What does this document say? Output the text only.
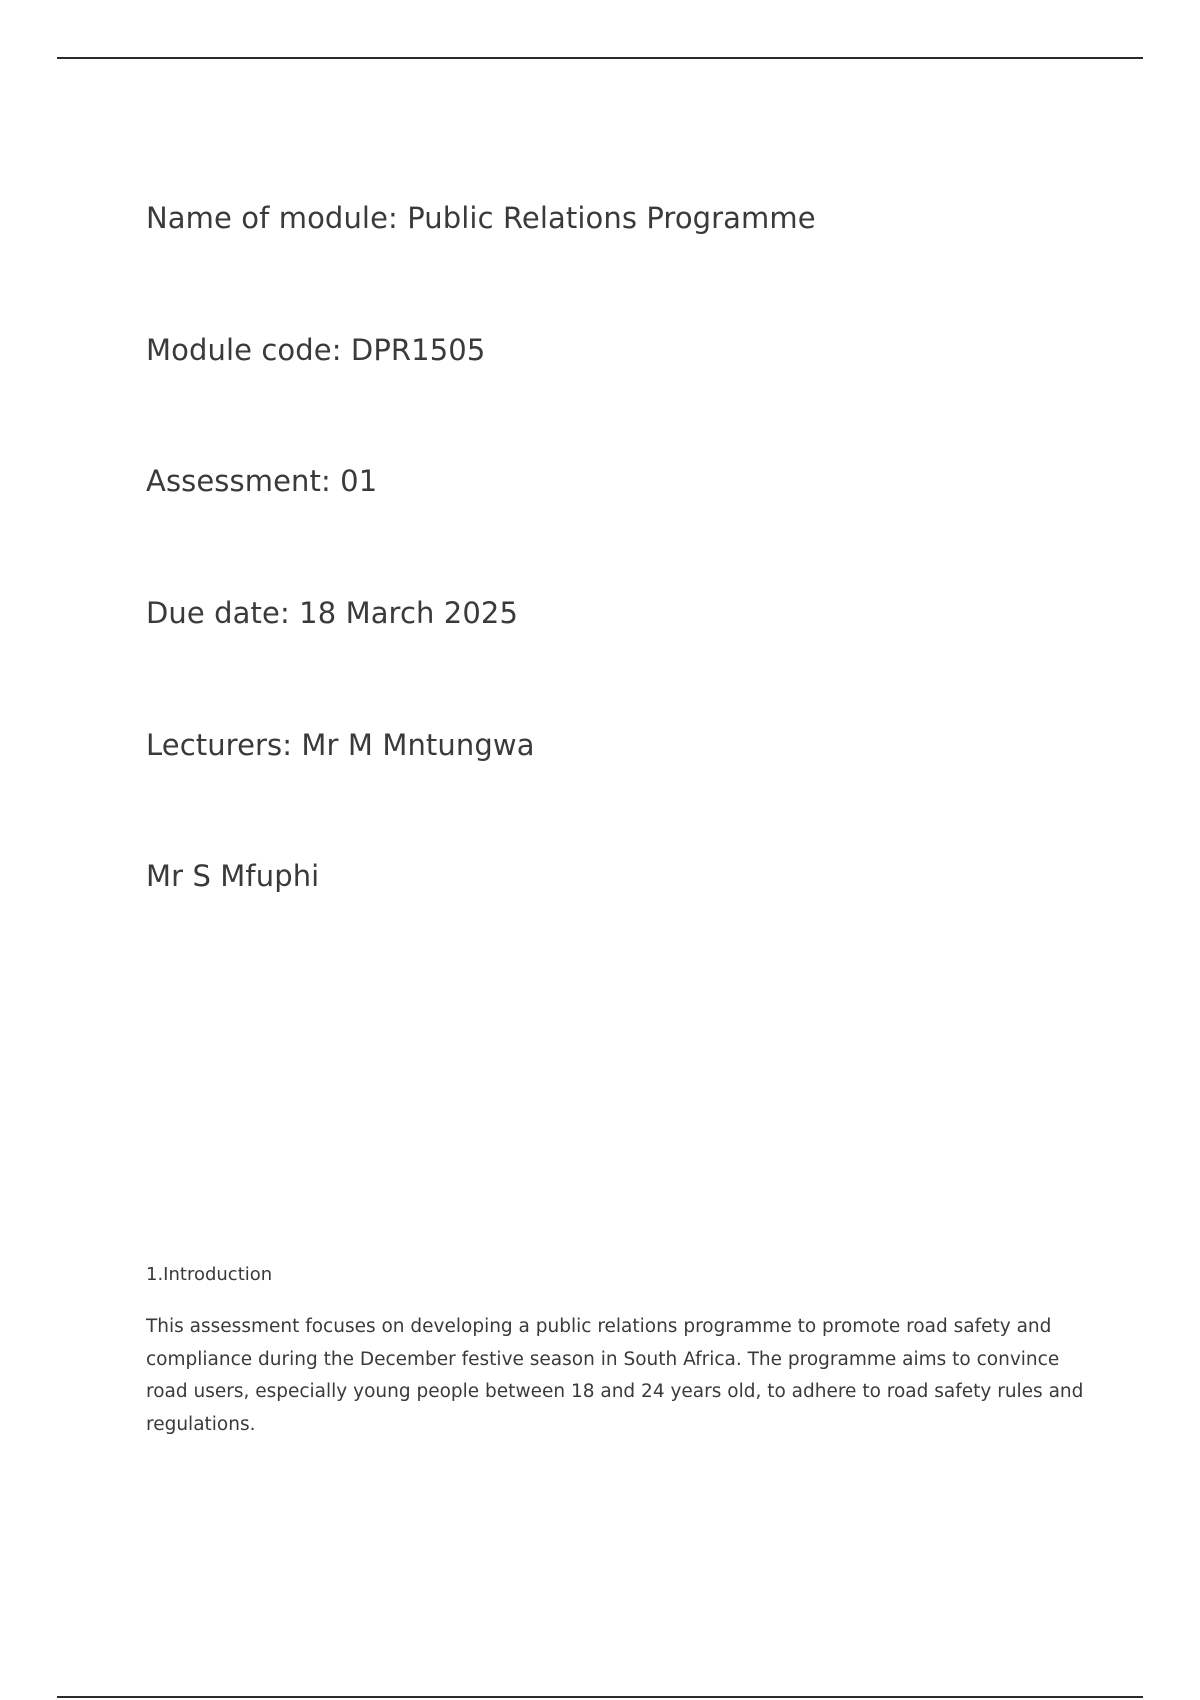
Name of module: Public Relations Programme

Module code: DPR1505

Assessment: 01

Due date: 18 March 2025

Lecturers: Mr M Mntungwa

Mr S Mfuphi

1.Introduction

This assessment focuses on developing a public relations programme to promote road safety and compliance during the December festive season in South Africa. The programme aims to convince road users, especially young people between 18 and 24 years old, to adhere to road safety rules and regulations.
